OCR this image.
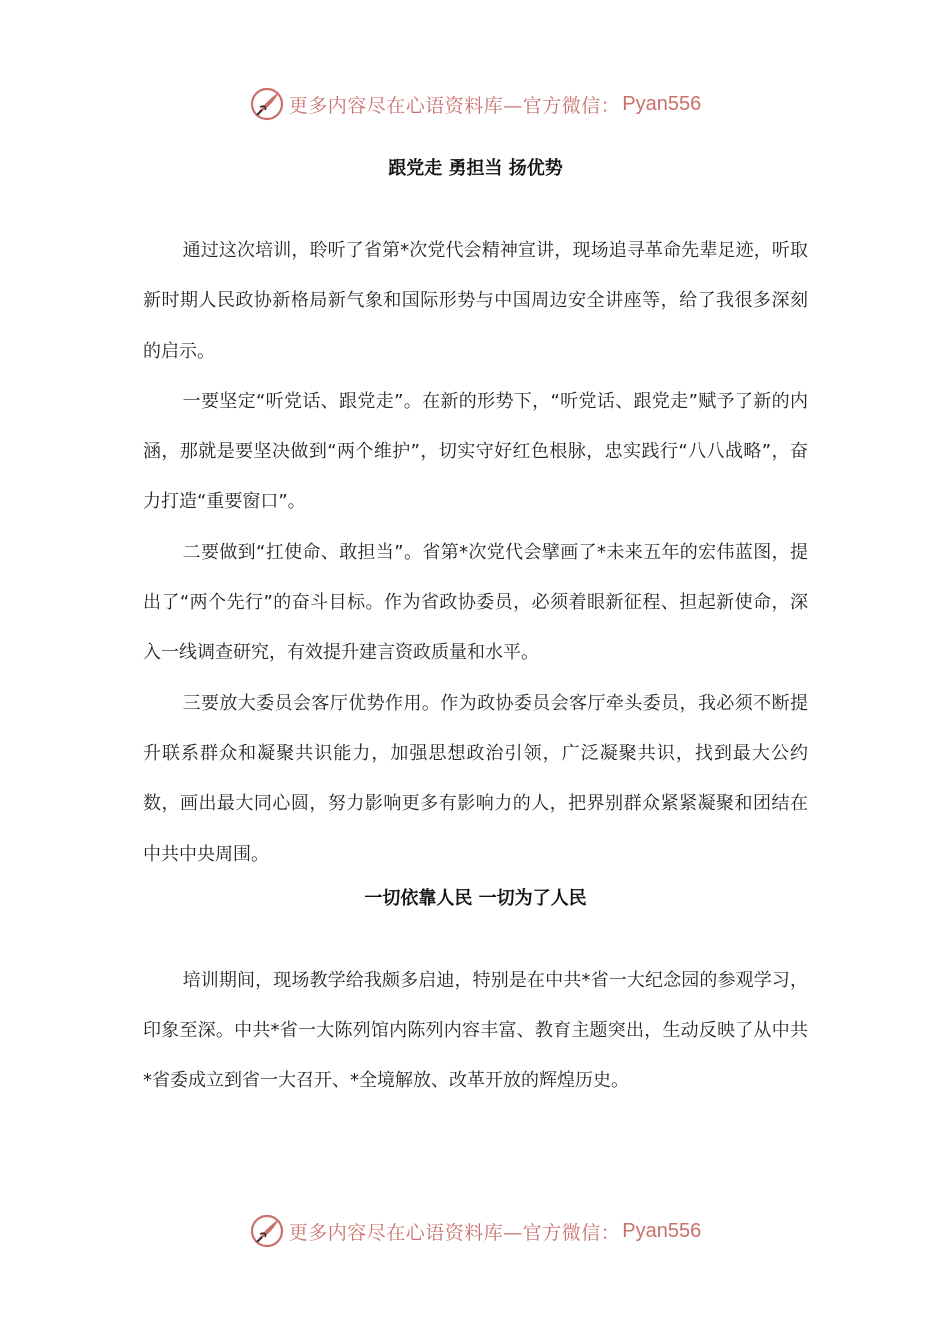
更多内容尽在心语资料库—官方微信： Pyan556

跟党走 勇担当 扬优势

通过这次培训，聆听了省第*次党代会精神宣讲，现场追寻革命先辈足迹，听取新时期人民政协新格局新气象和国际形势与中国周边安全讲座等，给了我很多深刻的启示。

一要坚定“听党话、跟党走”。在新的形势下，“听党话、跟党走”赋予了新的内涵，那就是要坚决做到“两个维护”，切实守好红色根脉，忠实践行“八八战略”，奋力打造“重要窗口”。

二要做到“扛使命、敢担当”。省第*次党代会擘画了*未来五年的宏伟蓝图，提出了“两个先行”的奋斗目标。作为省政协委员，必须着眼新征程、担起新使命，深入一线调查研究，有效提升建言资政质量和水平。

三要放大委员会客厅优势作用。作为政协委员会客厅牵头委员，我必须不断提升联系群众和凝聚共识能力，加强思想政治引领，广泛凝聚共识，找到最大公约数，画出最大同心圆，努力影响更多有影响力的人，把界别群众紧紧凝聚和团结在中共中央周围。

一切依靠人民 一切为了人民

培训期间，现场教学给我颇多启迪，特别是在中共*省一大纪念园的参观学习，印象至深。中共*省一大陈列馆内陈列内容丰富、教育主题突出，生动反映了从中共*省委成立到省一大召开、*全境解放、改革开放的辉煌历史。

更多内容尽在心语资料库—官方微信： Pyan556
